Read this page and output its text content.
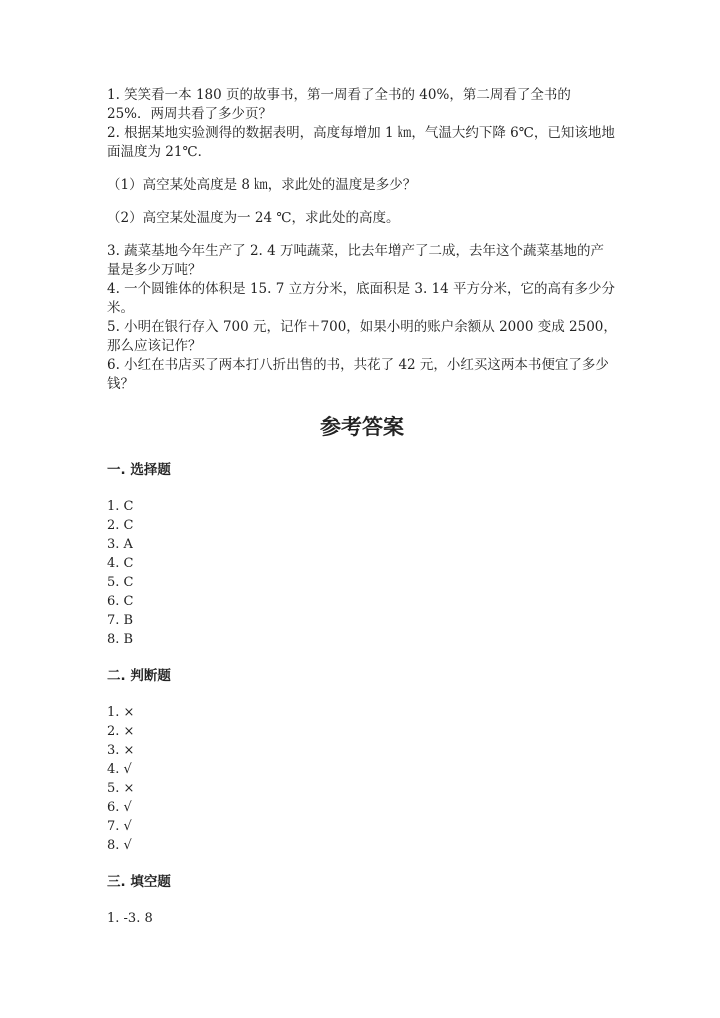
1. 笑笑看一本 180 页的故事书，第一周看了全书的 40%，第二周看了全书的 25%．两周共看了多少页？

2. 根据某地实验测得的数据表明，高度每增加 1 ㎞，气温大约下降 6℃，已知该地地面温度为 21℃．

（1）高空某处高度是 8 ㎞，求此处的温度是多少？

（2）高空某处温度为一 24 ℃，求此处的高度。

3. 蔬菜基地今年生产了 2. 4 万吨蔬菜，比去年增产了二成，去年这个蔬菜基地的产量是多少万吨？

4. 一个圆锥体的体积是 15. 7 立方分米，底面积是 3. 14 平方分米，它的高有多少分米。

5. 小明在银行存入 700 元，记作＋700，如果小明的账户余额从 2000 变成 2500，那么应该记作？

6. 小红在书店买了两本打八折出售的书，共花了 42 元，小红买这两本书便宜了多少钱？

参考答案
一. 选择题

1. C

2. C

3. A

4. C

5. C

6. C

7. B

8. B

二. 判断题

1. ×

2. ×

3. ×

4. √

5. ×

6. √

7. √

8. √

三. 填空题

1. -3. 8
